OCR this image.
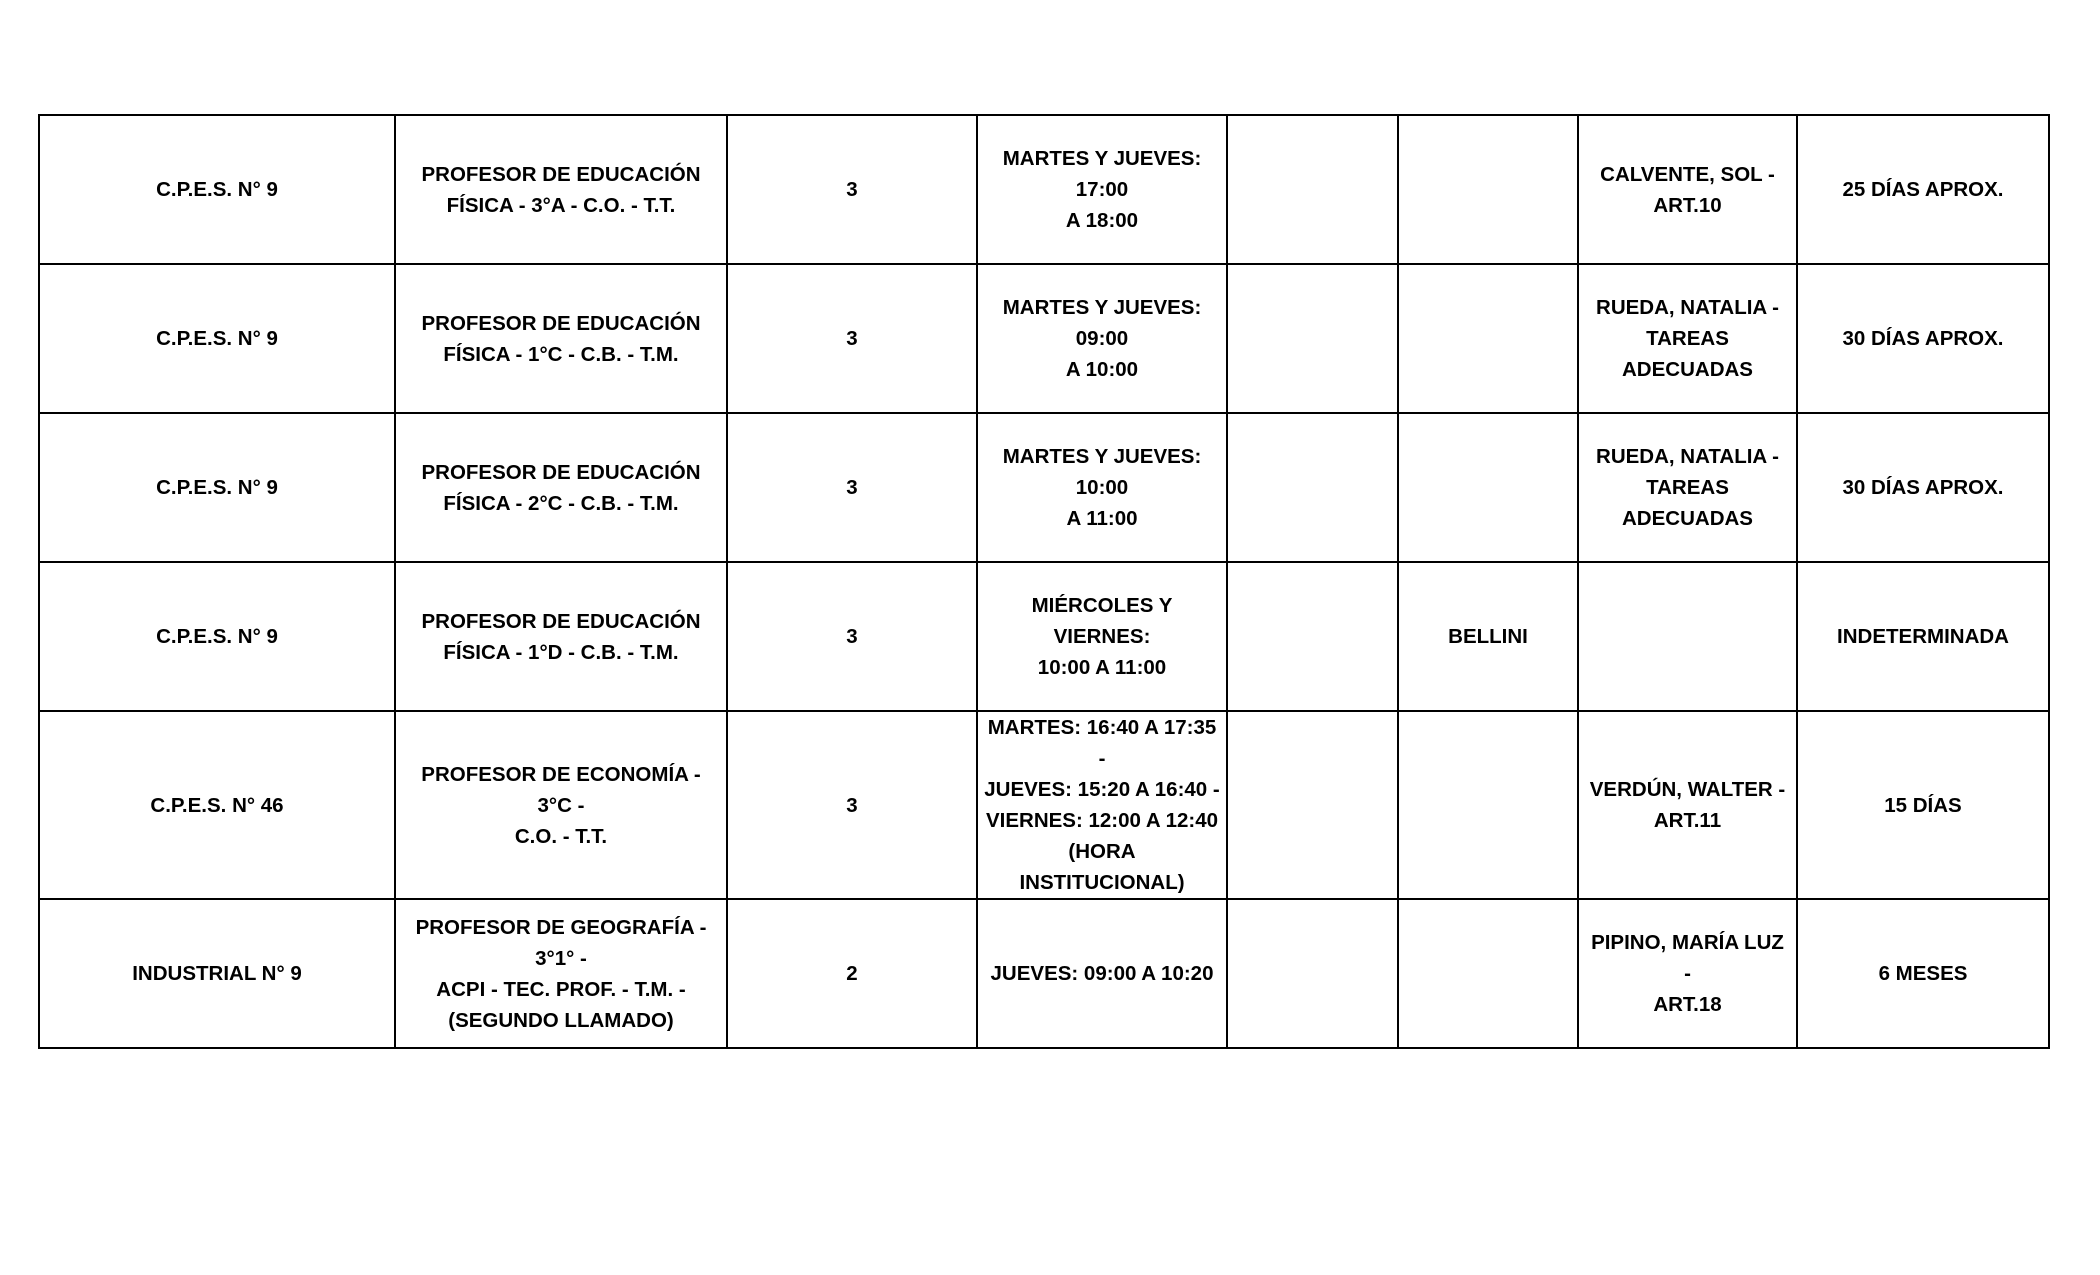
C.P.E.S. N° 9	PROFESOR DE EDUCACIÓN
FÍSICA - 3°A - C.O. - T.T.	3	MARTES Y JUEVES: 17:00
A 18:00			CALVENTE, SOL -
ART.10	25 DÍAS APROX.
C.P.E.S. N° 9	PROFESOR DE EDUCACIÓN
FÍSICA - 1°C - C.B. - T.M.	3	MARTES Y JUEVES: 09:00
A 10:00			RUEDA, NATALIA -
TAREAS ADECUADAS	30 DÍAS APROX.
C.P.E.S. N° 9	PROFESOR DE EDUCACIÓN
FÍSICA - 2°C - C.B. - T.M.	3	MARTES Y JUEVES: 10:00
A 11:00			RUEDA, NATALIA -
TAREAS ADECUADAS	30 DÍAS APROX.
C.P.E.S. N° 9	PROFESOR DE EDUCACIÓN
FÍSICA - 1°D - C.B. - T.M.	3	MIÉRCOLES Y VIERNES:
10:00 A 11:00		BELLINI		INDETERMINADA
C.P.E.S. N° 46	PROFESOR DE ECONOMÍA - 3°C -
C.O. - T.T.	3	MARTES: 16:40 A 17:35 -
JUEVES: 15:20 A 16:40 -
VIERNES: 12:00 A 12:40
(HORA INSTITUCIONAL)			VERDÚN, WALTER -
ART.11	15 DÍAS
INDUSTRIAL N° 9	PROFESOR DE GEOGRAFÍA - 3°1° -
ACPI - TEC. PROF. - T.M. -
(SEGUNDO LLAMADO)	2	JUEVES: 09:00 A 10:20			PIPINO, MARÍA LUZ -
ART.18	6 MESES
